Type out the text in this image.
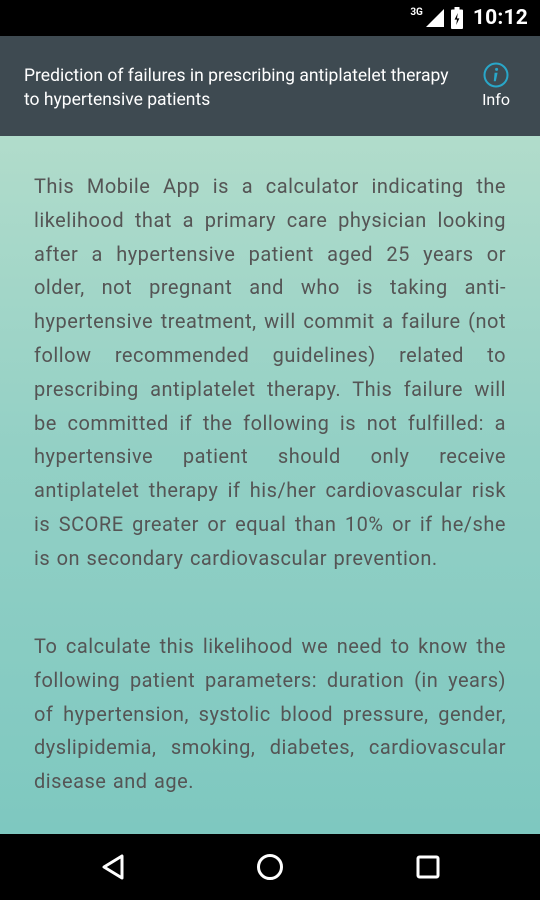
3G 10:12
Prediction of failures in prescribing antiplatelet therapy to hypertensive patients	Info

This Mobile App is a calculator indicating the likelihood that a primary care physician looking after a hypertensive patient aged 25 years or older, not pregnant and who is taking anti-hypertensive treatment, will commit a failure (not follow recommended guidelines) related to prescribing antiplatelet therapy. This failure will be committed if the following is not fulfilled: a hypertensive patient should only receive antiplatelet therapy if his/her cardiovascular risk is SCORE greater or equal than 10% or if he/she is on secondary cardiovascular prevention.

To calculate this likelihood we need to know the following patient parameters: duration (in years) of hypertension, systolic blood pressure, gender, dyslipidemia, smoking, diabetes, cardiovascular disease and age.
